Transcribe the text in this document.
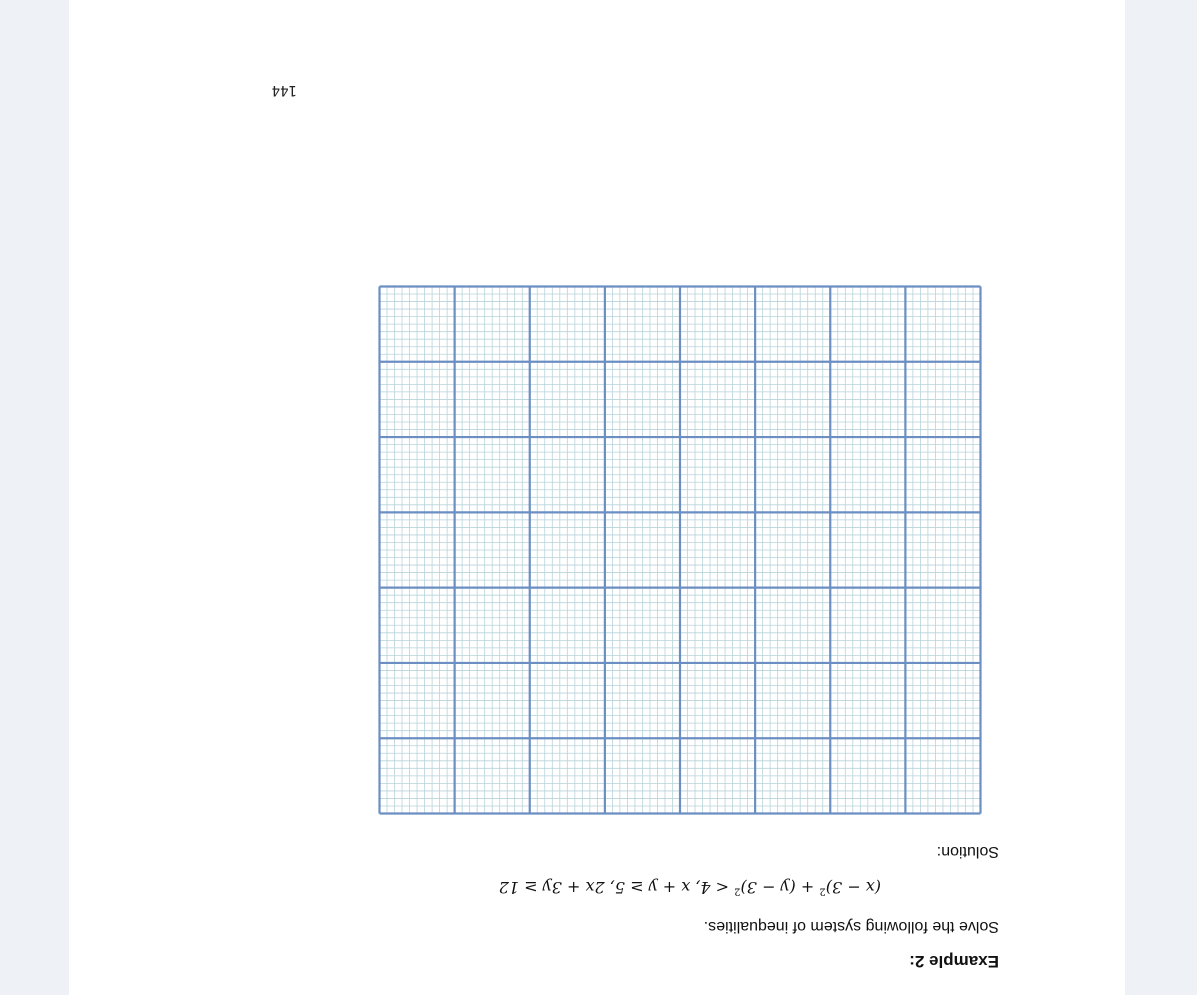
Example 2:
Solve the following system of inequalities.
$(x - 3)^2 + (y - 3)^2 < 4$, x + y ≥ 5, 2x + 3y ≥ 12
Solution:
144
